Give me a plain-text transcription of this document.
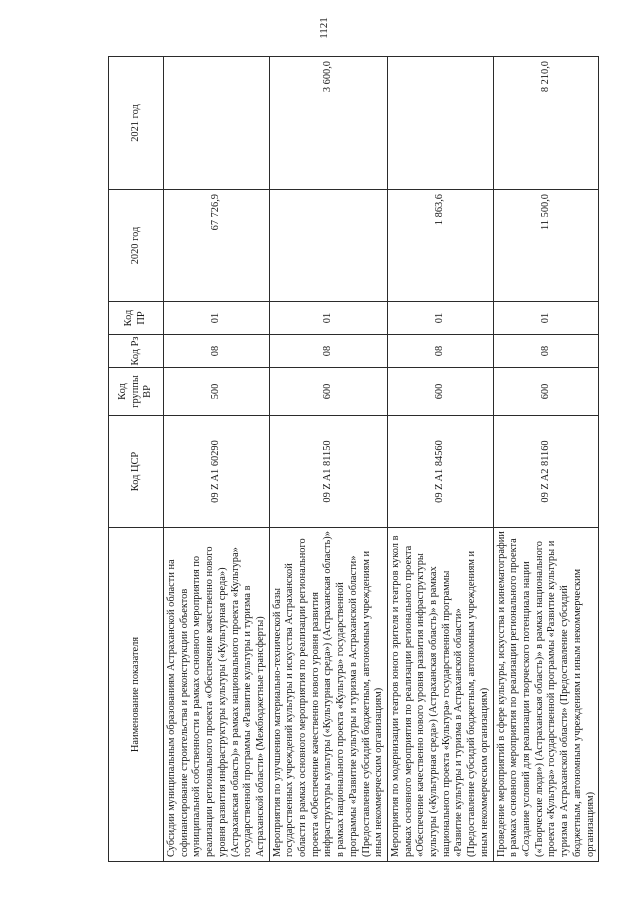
1121
Наименование показателя	Код ЦСР	Код группы ВР	Код Рз	Код ПР	2020 год	2021 год
Субсидии муниципальным образованиям Астраханской области на софинансирование строительства и реконструкции объектов муниципальной собственности в рамках основного мероприятия по реализации регионального проекта «Обеспечение качественно нового уровня развития инфраструктуры культуры («Культурная среда») (Астраханская область)» в рамках национального проекта «Культура» государственной программы «Развитие культуры и туризма в Астраханской области» (Межбюджетные трансферты)	09 Z A1 60290	500	08	01	67 726,9	
Мероприятия по улучшению материально-технической базы государственных учреждений культуры и искусства Астраханской области в рамках основного мероприятия по реализации регионального проекта «Обеспечение качественно нового уровня развития инфраструктуры культуры («Культурная среда») (Астраханская область)» в рамках национального проекта «Культура» государственной программы «Развитие культуры и туризма в Астраханской области» (Предоставление субсидий бюджетным, автономным учреждениям и иным некоммерческим организациям)	09 Z A1 81150	600	08	01		3 600,0
Мероприятия по модернизации театров юного зрителя и театров кукол в рамках основного мероприятия по реализации регионального проекта «Обеспечение качественно нового уровня развития инфраструктуры культуры («Культурная среда») (Астраханская область)» в рамках национального проекта «Культура» государственной программы «Развитие культуры и туризма в Астраханской области» (Предоставление субсидий бюджетным, автономным учреждениям и иным некоммерческим организациям)	09 Z A1 84560	600	08	01	1 863,6	
Проведение мероприятий в сфере культуры, искусства и кинематографии в рамках основного мероприятия по реализации регионального проекта «Создание условий для реализации творческого потенциала нации («Творческие люди») (Астраханская область)» в рамках национального проекта «Культура» государственной программы «Развитие культуры и туризма в Астраханской области» (Предоставление субсидий бюджетным, автономным учреждениям и иным некоммерческим организациям)	09 Z A2 81160	600	08	01	11 500,0	8 210,0
